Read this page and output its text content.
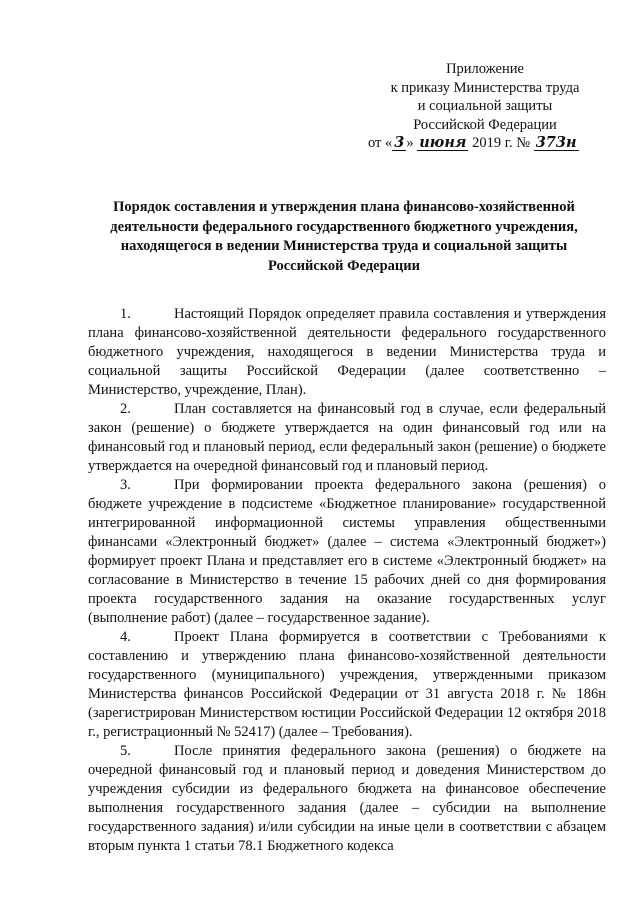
Приложение
к приказу Министерства труда
и социальной защиты
Российской Федерации
от « 3 » июня 2019 г. № 373н
Порядок составления и утверждения плана финансово-хозяйственной деятельности федерального государственного бюджетного учреждения, находящегося в ведении Министерства труда и социальной защиты Российской Федерации

1.	Настоящий Порядок определяет правила составления и утверждения плана финансово-хозяйственной деятельности федерального государственного бюджетного учреждения, находящегося в ведении Министерства труда и социальной защиты Российской Федерации (далее соответственно – Министерство, учреждение, План).

2.	План составляется на финансовый год в случае, если федеральный закон (решение) о бюджете утверждается на один финансовый год или на финансовый год и плановый период, если федеральный закон (решение) о бюджете утверждается на очередной финансовый год и плановый период.

3.	При формировании проекта федерального закона (решения) о бюджете учреждение в подсистеме «Бюджетное планирование» государственной интегрированной информационной системы управления общественными финансами «Электронный бюджет» (далее – система «Электронный бюджет») формирует проект Плана и представляет его в системе «Электронный бюджет» на согласование в Министерство в течение 15 рабочих дней со дня формирования проекта государственного задания на оказание государственных услуг (выполнение работ) (далее – государственное задание).

4.	Проект Плана формируется в соответствии с Требованиями к составлению и утверждению плана финансово-хозяйственной деятельности государственного (муниципального) учреждения, утвержденными приказом Министерства финансов Российской Федерации от 31 августа 2018 г. № 186н (зарегистрирован Министерством юстиции Российской Федерации 12 октября 2018 г., регистрационный № 52417) (далее – Требования).

5.	После принятия федерального закона (решения) о бюджете на очередной финансовый год и плановый период и доведения Министерством до учреждения субсидии из федерального бюджета на финансовое обеспечение выполнения государственного задания (далее – субсидии на выполнение государственного задания) и/или субсидии на иные цели в соответствии с абзацем вторым пункта 1 статьи 78.1 Бюджетного кодекса
